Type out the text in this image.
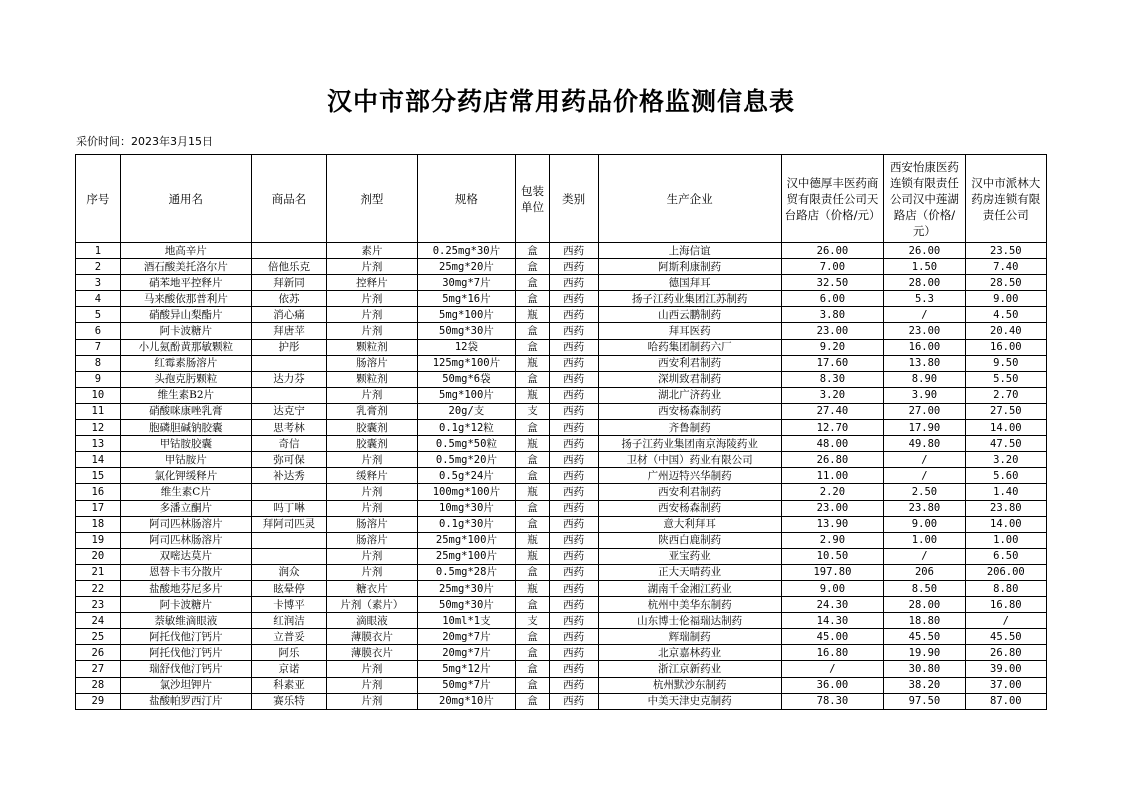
汉中市部分药店常用药品价格监测信息表
采价时间：2023年3月15日
序号	通用名	商品名	剂型	规格	包装单位	类别	生产企业	汉中德厚丰医药商贸有限责任公司天台路店（价格/元）	西安怡康医药连锁有限责任公司汉中莲湖路店（价格/元）	汉中市派林大药房连锁有限责任公司
1	地高辛片		素片	0.25mg*30片	盒	西药	上海信谊	26.00	26.00	23.50
2	酒石酸美托洛尔片	倍他乐克	片剂	25mg*20片	盒	西药	阿斯利康制药	7.00	1.50	7.40
3	硝苯地平控释片	拜新同	控释片	30mg*7片	盒	西药	德国拜耳	32.50	28.00	28.50
4	马来酸依那普利片	依苏	片剂	5mg*16片	盒	西药	扬子江药业集团江苏制药	6.00	5.3	9.00
5	硝酸异山梨酯片	消心痛	片剂	5mg*100片	瓶	西药	山西云鹏制药	3.80	/	4.50
6	阿卡波糖片	拜唐苹	片剂	50mg*30片	盒	西药	拜耳医药	23.00	23.00	20.40
7	小儿氨酚黄那敏颗粒	护彤	颗粒剂	12袋	盒	西药	哈药集团制药六厂	9.20	16.00	16.00
8	红霉素肠溶片		肠溶片	125mg*100片	瓶	西药	西安利君制药	17.60	13.80	9.50
9	头孢克肟颗粒	达力芬	颗粒剂	50mg*6袋	盒	西药	深圳致君制药	8.30	8.90	5.50
10	维生素B2片		片剂	5mg*100片	瓶	西药	湖北广济药业	3.20	3.90	2.70
11	硝酸咪康唑乳膏	达克宁	乳膏剂	20g/支	支	西药	西安杨森制药	27.40	27.00	27.50
12	胞磷胆碱钠胶囊	思考林	胶囊剂	0.1g*12粒	盒	西药	齐鲁制药	12.70	17.90	14.00
13	甲钴胺胶囊	奇信	胶囊剂	0.5mg*50粒	瓶	西药	扬子江药业集团南京海陵药业	48.00	49.80	47.50
14	甲钴胺片	弥可保	片剂	0.5mg*20片	盒	西药	卫材（中国）药业有限公司	26.80	/	3.20
15	氯化钾缓释片	补达秀	缓释片	0.5g*24片	盒	西药	广州迈特兴华制药	11.00	/	5.60
16	维生素C片		片剂	100mg*100片	瓶	西药	西安利君制药	2.20	2.50	1.40
17	多潘立酮片	吗丁啉	片剂	10mg*30片	盒	西药	西安杨森制药	23.00	23.80	23.80
18	阿司匹林肠溶片	拜阿司匹灵	肠溶片	0.1g*30片	盒	西药	意大利拜耳	13.90	9.00	14.00
19	阿司匹林肠溶片		肠溶片	25mg*100片	瓶	西药	陕西白鹿制药	2.90	1.00	1.00
20	双嘧达莫片		片剂	25mg*100片	瓶	西药	亚宝药业	10.50	/	6.50
21	恩替卡韦分散片	润众	片剂	0.5mg*28片	盒	西药	正大天晴药业	197.80	206	206.00
22	盐酸地芬尼多片	眩晕停	糖衣片	25mg*30片	瓶	西药	湖南千金湘江药业	9.00	8.50	8.80
23	阿卡波糖片	卡博平	片剂（素片）	50mg*30片	盒	西药	杭州中美华东制药	24.30	28.00	16.80
24	萘敏维滴眼液	红润洁	滴眼液	10ml*1支	支	西药	山东博士伦福瑞达制药	14.30	18.80	/
25	阿托伐他汀钙片	立普妥	薄膜衣片	20mg*7片	盒	西药	辉瑞制药	45.00	45.50	45.50
26	阿托伐他汀钙片	阿乐	薄膜衣片	20mg*7片	盒	西药	北京嘉林药业	16.80	19.90	26.80
27	瑞舒伐他汀钙片	京诺	片剂	5mg*12片	盒	西药	浙江京新药业	/	30.80	39.00
28	氯沙坦钾片	科素亚	片剂	50mg*7片	盒	西药	杭州默沙东制药	36.00	38.20	37.00
29	盐酸帕罗西汀片	赛乐特	片剂	20mg*10片	盒	西药	中美天津史克制药	78.30	97.50	87.00
